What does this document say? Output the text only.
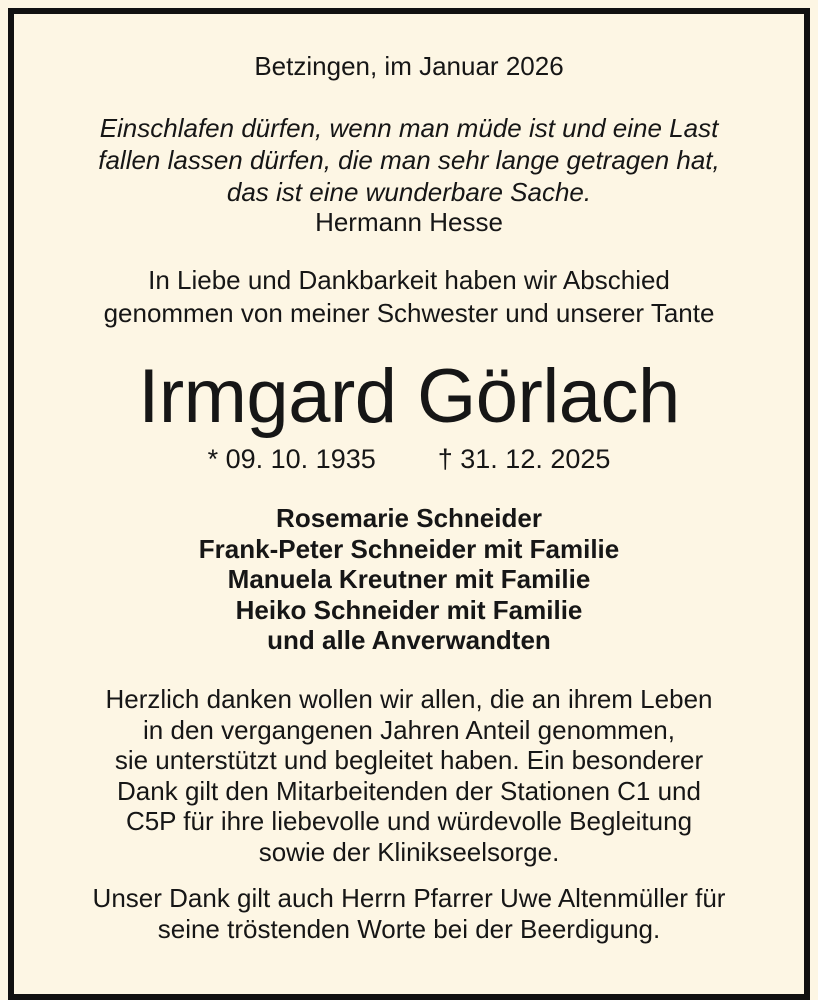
Betzingen, im Januar 2026
Einschlafen dürfen, wenn man müde ist und eine Last
fallen lassen dürfen, die man sehr lange getragen hat,
das ist eine wunderbare Sache.
Hermann Hesse
In Liebe und Dankbarkeit haben wir Abschied
genommen von meiner Schwester und unserer Tante
Irmgard Görlach
* 09. 10. 1935 † 31. 12. 2025
Rosemarie Schneider
Frank-Peter Schneider mit Familie
Manuela Kreutner mit Familie
Heiko Schneider mit Familie
und alle Anverwandten
Herzlich danken wollen wir allen, die an ihrem Leben
in den vergangenen Jahren Anteil genommen,
sie unterstützt und begleitet haben. Ein besonderer
Dank gilt den Mitarbeitenden der Stationen C1 und
C5P für ihre liebevolle und würdevolle Begleitung
sowie der Klinikseelsorge.
Unser Dank gilt auch Herrn Pfarrer Uwe Altenmüller für
seine tröstenden Worte bei der Beerdigung.
